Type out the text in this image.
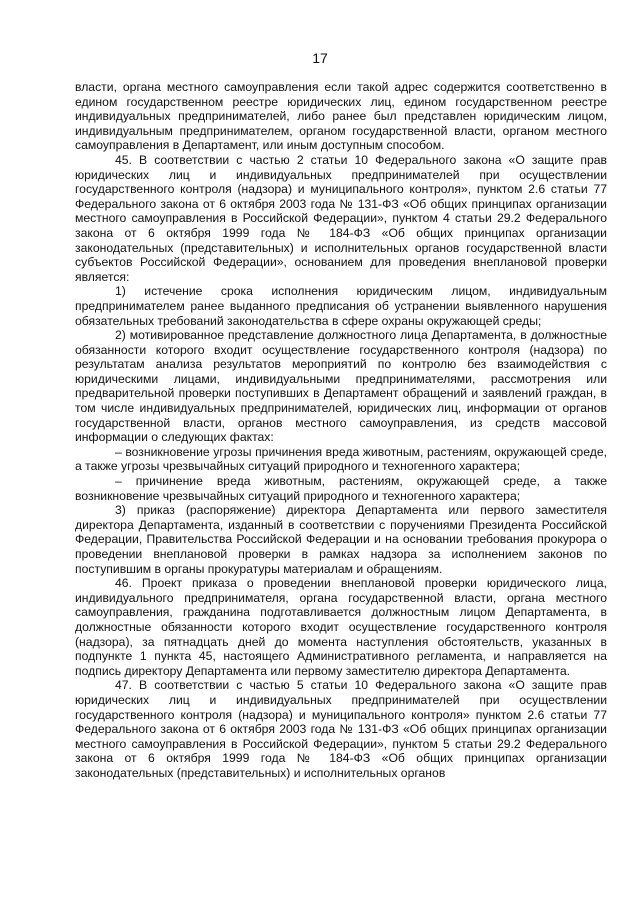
17

власти, органа местного самоуправления если такой адрес содержится соответственно в едином государственном реестре юридических лиц, едином государственном реестре индивидуальных предпринимателей, либо ранее был представлен юридическим лицом, индивидуальным предпринимателем, органом государственной власти, органом местного самоуправления в Департамент, или иным доступным способом.

45. В соответствии с частью 2 статьи 10 Федерального закона «О защите прав юридических лиц и индивидуальных предпринимателей при осуществлении государственного контроля (надзора) и муниципального контроля», пунктом 2.6 статьи 77 Федерального закона от 6 октября 2003 года № 131-ФЗ «Об общих принципах организации местного самоуправления в Российской Федерации», пунктом 4 статьи 29.2 Федерального закона от 6 октября 1999 года № 184-ФЗ «Об общих принципах организации законодательных (представительных) и исполнительных органов государственной власти субъектов Российской Федерации», основанием для проведения внеплановой проверки является:

1) истечение срока исполнения юридическим лицом, индивидуальным предпринимателем ранее выданного предписания об устранении выявленного нарушения обязательных требований законодательства в сфере охраны окружающей среды;

2) мотивированное представление должностного лица Департамента, в должностные обязанности которого входит осуществление государственного контроля (надзора) по результатам анализа результатов мероприятий по контролю без взаимодействия с юридическими лицами, индивидуальными предпринимателями, рассмотрения или предварительной проверки поступивших в Департамент обращений и заявлений граждан, в том числе индивидуальных предпринимателей, юридических лиц, информации от органов государственной власти, органов местного самоуправления, из средств массовой информации о следующих фактах:

– возникновение угрозы причинения вреда животным, растениям, окружающей среде, а также угрозы чрезвычайных ситуаций природного и техногенного характера;

– причинение вреда животным, растениям, окружающей среде, а также возникновение чрезвычайных ситуаций природного и техногенного характера;

3) приказ (распоряжение) директора Департамента или первого заместителя директора Департамента, изданный в соответствии с поручениями Президента Российской Федерации, Правительства Российской Федерации и на основании требования прокурора о проведении внеплановой проверки в рамках надзора за исполнением законов по поступившим в органы прокуратуры материалам и обращениям.

46. Проект приказа о проведении внеплановой проверки юридического лица, индивидуального предпринимателя, органа государственной власти, органа местного самоуправления, гражданина подготавливается должностным лицом Департамента, в должностные обязанности которого входит осуществление государственного контроля (надзора), за пятнадцать дней до момента наступления обстоятельств, указанных в подпункте 1 пункта 45, настоящего Административного регламента, и направляется на подпись директору Департамента или первому заместителю директора Департамента.

47. В соответствии с частью 5 статьи 10 Федерального закона «О защите прав юридических лиц и индивидуальных предпринимателей при осуществлении государственного контроля (надзора) и муниципального контроля» пунктом 2.6 статьи 77 Федерального закона от 6 октября 2003 года № 131-ФЗ «Об общих принципах организации местного самоуправления в Российской Федерации», пунктом 5 статьи 29.2 Федерального закона от 6 октября 1999 года № 184-ФЗ «Об общих принципах организации законодательных (представительных) и исполнительных органов
